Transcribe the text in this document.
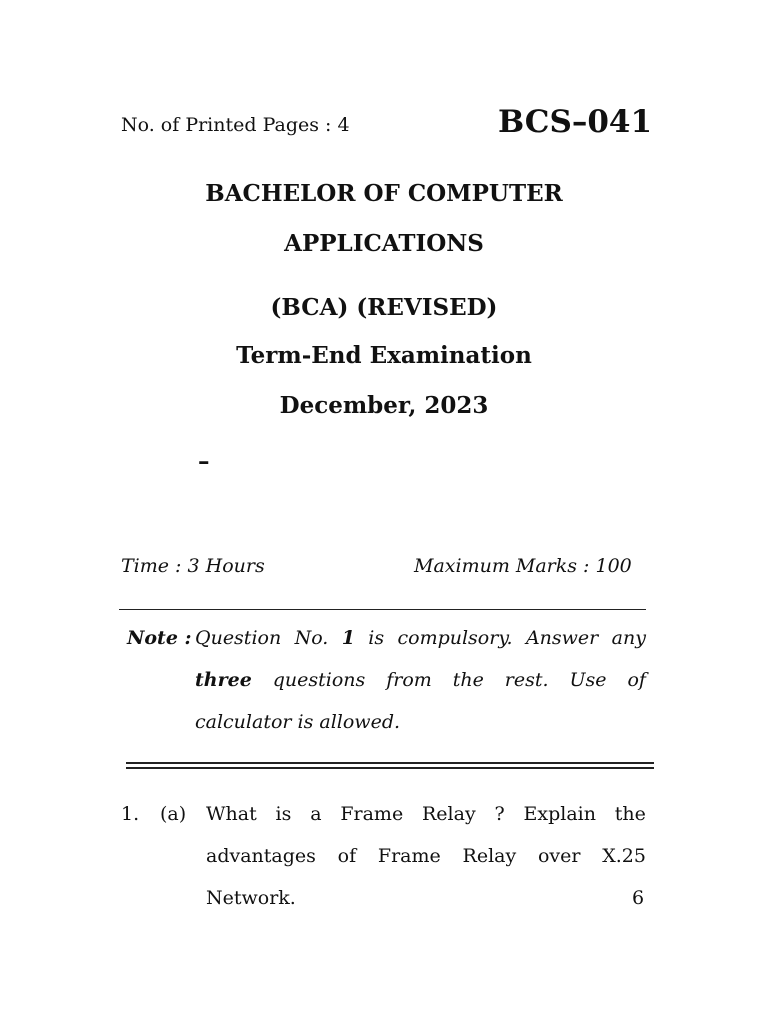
No. of Printed Pages : 4	BCS–041
BACHELOR OF COMPUTER
APPLICATIONS
(BCA) (REVISED)
Term-End Examination
December, 2023
–
Time : 3 Hours	Maximum Marks : 100
Note : Question No. 1 is compulsory. Answer any
three questions from the rest. Use of
calculator is allowed.
1. (a) What is a Frame Relay ? Explain the
advantages of Frame Relay over X.25
Network.	6
